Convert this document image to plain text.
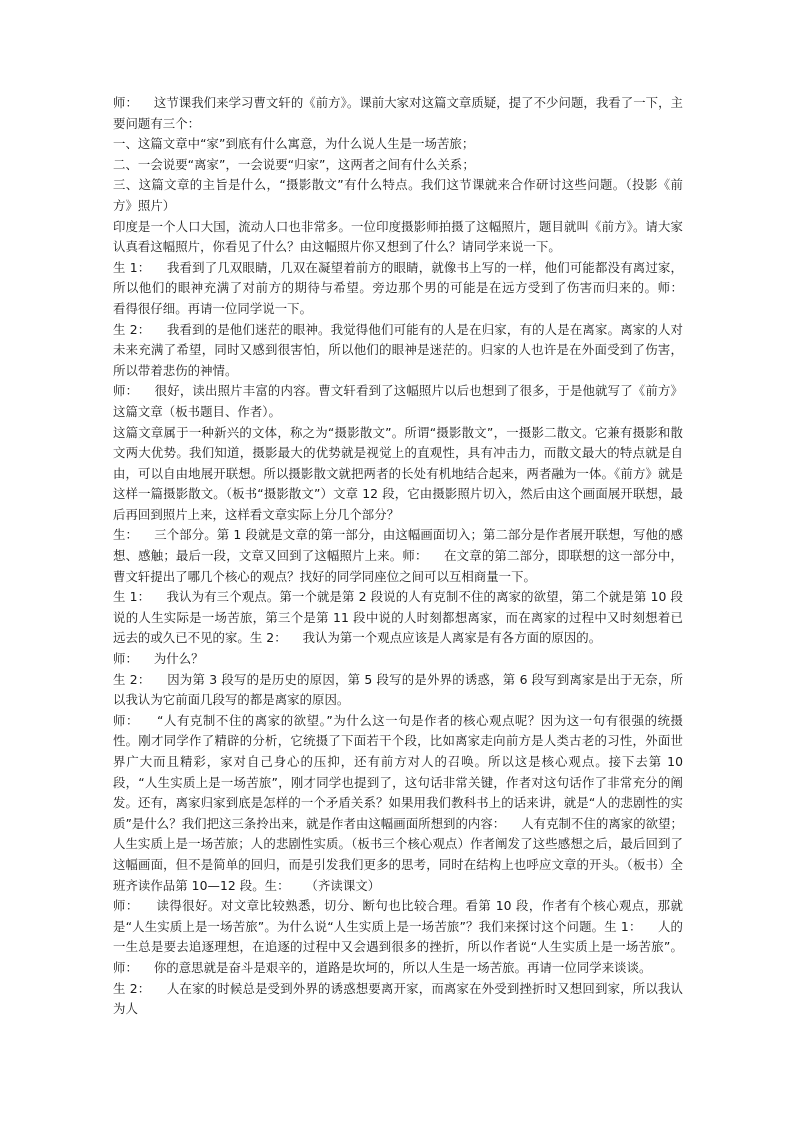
师：    这节课我们来学习曹文轩的《前方》。课前大家对这篇文章质疑，提了不少问题，我看了一下，主要问题有三个：

一、这篇文章中“家”到底有什么寓意，为什么说人生是一场苦旅；

二、一会说要“离家”，一会说要“归家”，这两者之间有什么关系；

三、这篇文章的主旨是什么，“摄影散文”有什么特点。我们这节课就来合作研讨这些问题。（投影《前方》照片）

印度是一个人口大国，流动人口也非常多。一位印度摄影师拍摄了这幅照片，题目就叫《前方》。请大家认真看这幅照片，你看见了什么？由这幅照片你又想到了什么？请同学来说一下。

生 1：    我看到了几双眼睛，几双在凝望着前方的眼睛，就像书上写的一样，他们可能都没有离过家，所以他们的眼神充满了对前方的期待与希望。旁边那个男的可能是在远方受到了伤害而归来的。师：    看得很仔细。再请一位同学说一下。

生 2：    我看到的是他们迷茫的眼神。我觉得他们可能有的人是在归家，有的人是在离家。离家的人对未来充满了希望，同时又感到很害怕，所以他们的眼神是迷茫的。归家的人也许是在外面受到了伤害，所以带着悲伤的神情。

师：    很好，读出照片丰富的内容。曹文轩看到了这幅照片以后也想到了很多，于是他就写了《前方》这篇文章（板书题目、作者）。

这篇文章属于一种新兴的文体，称之为“摄影散文”。所谓“摄影散文”，一摄影二散文。它兼有摄影和散文两大优势。我们知道，摄影最大的优势就是视觉上的直观性，具有冲击力，而散文最大的特点就是自由，可以自由地展开联想。所以摄影散文就把两者的长处有机地结合起来，两者融为一体。《前方》就是这样一篇摄影散文。（板书“摄影散文”）文章 12 段，它由摄影照片切入，然后由这个画面展开联想，最后再回到照片上来，这样看文章实际上分几个部分？

生：    三个部分。第 1 段就是文章的第一部分，由这幅画面切入；第二部分是作者展开联想，写他的感想、感触；最后一段，文章又回到了这幅照片上来。师：    在文章的第二部分，即联想的这一部分中，曹文轩提出了哪几个核心的观点？找好的同学同座位之间可以互相商量一下。

生 1：    我认为有三个观点。第一个就是第 2 段说的人有克制不住的离家的欲望，第二个就是第 10 段说的人生实际是一场苦旅，第三个是第 11 段中说的人时刻都想离家，而在离家的过程中又时刻想着已远去的或久已不见的家。生 2：    我认为第一个观点应该是人离家是有各方面的原因的。

师：    为什么？

生 2：    因为第 3 段写的是历史的原因，第 5 段写的是外界的诱惑，第 6 段写到离家是出于无奈，所以我认为它前面几段写的都是离家的原因。

师：    “人有克制不住的离家的欲望。”为什么这一句是作者的核心观点呢？因为这一句有很强的统摄性。刚才同学作了精辟的分析，它统摄了下面若干个段，比如离家走向前方是人类古老的习性，外面世界广大而且精彩，家对自己身心的压抑，还有前方对人的召唤。所以这是核心观点。接下去第 10 段，“人生实质上是一场苦旅”，刚才同学也提到了，这句话非常关键，作者对这句话作了非常充分的阐发。还有，离家归家到底是怎样的一个矛盾关系？如果用我们教科书上的话来讲，就是“人的悲剧性的实质”是什么？我们把这三条拎出来，就是作者由这幅画面所想到的内容：    人有克制不住的离家的欲望；人生实质上是一场苦旅；人的悲剧性实质。（板书三个核心观点）作者阐发了这些感想之后，最后回到了这幅画面，但不是简单的回归，而是引发我们更多的思考，同时在结构上也呼应文章的开头。（板书）全班齐读作品第 10—12 段。生：    （齐读课文）

师：    读得很好。对文章比较熟悉，切分、断句也比较合理。看第 10 段，作者有个核心观点，那就是“人生实质上是一场苦旅”。为什么说“人生实质上是一场苦旅”？我们来探讨这个问题。生 1：    人的一生总是要去追逐理想，在追逐的过程中又会遇到很多的挫折，所以作者说“人生实质上是一场苦旅”。师：    你的意思就是奋斗是艰辛的，道路是坎坷的，所以人生是一场苦旅。再请一位同学来谈谈。

生 2：    人在家的时候总是受到外界的诱惑想要离开家，而离家在外受到挫折时又想回到家，所以我认为人
